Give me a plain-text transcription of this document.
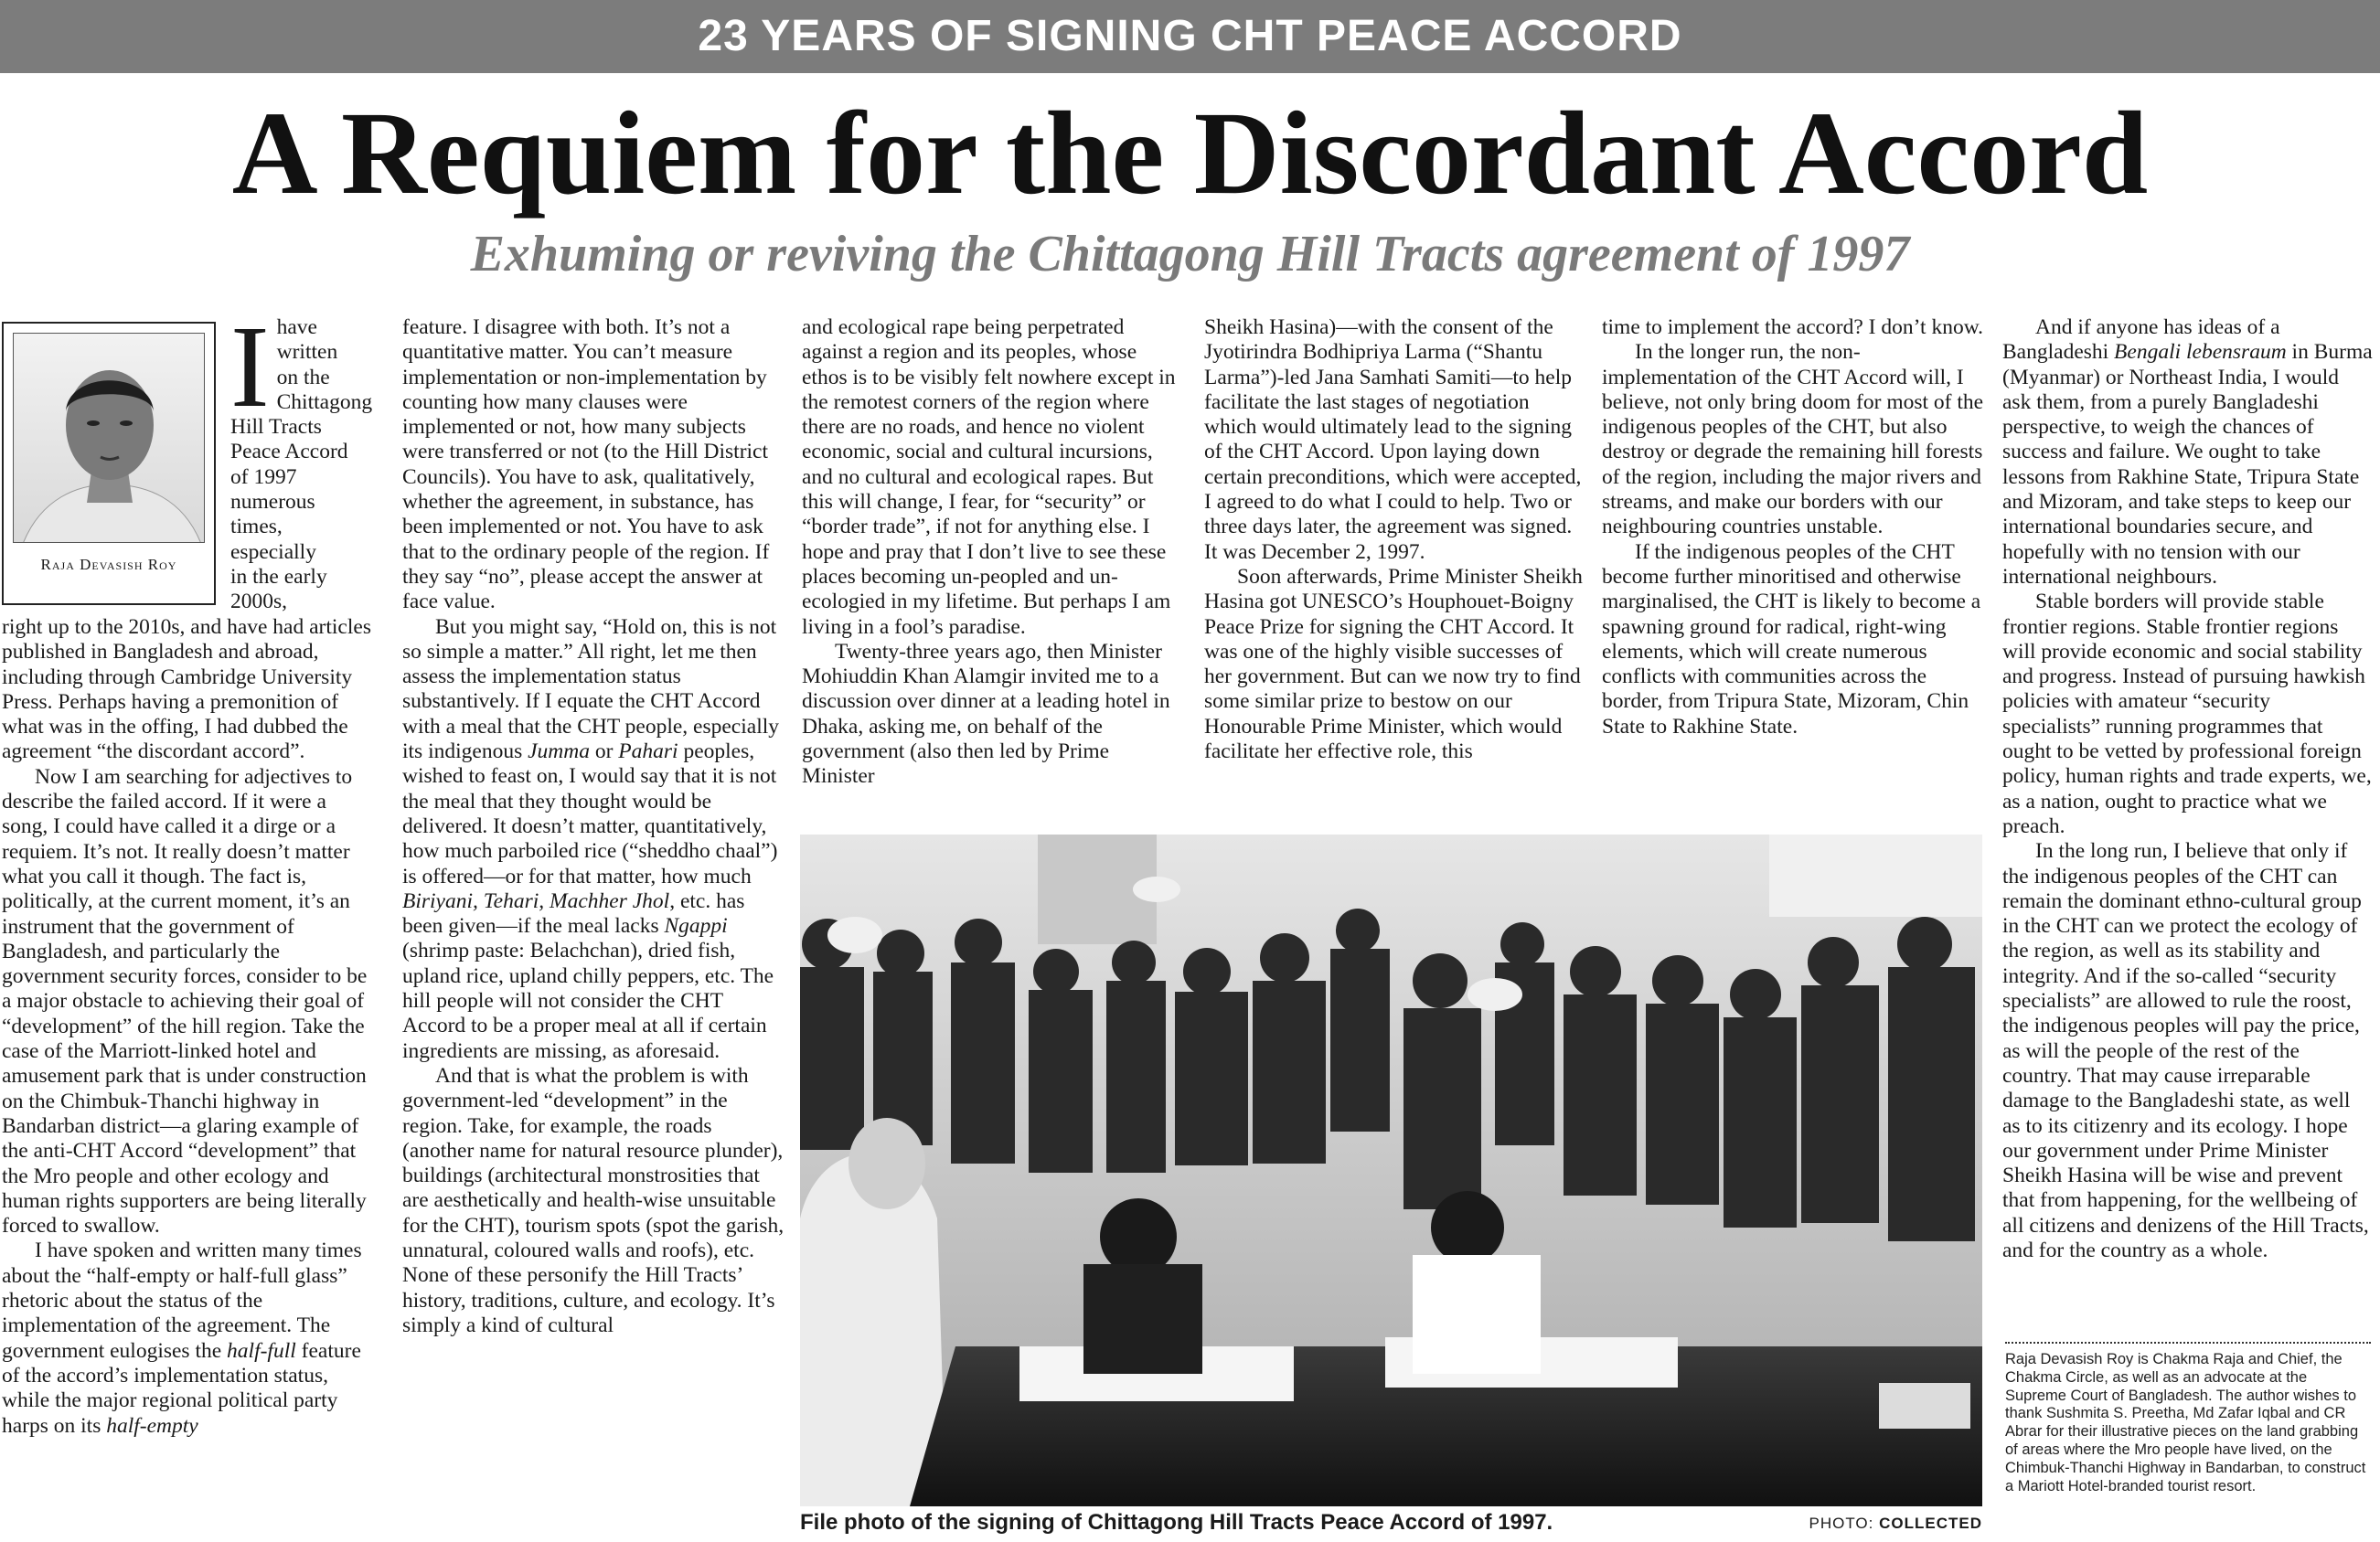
23 YEARS OF SIGNING CHT PEACE ACCORD
A Requiem for the Discordant Accord
Exhuming or reviving the Chittagong Hill Tracts agreement of 1997
Raja Devasish Roy
I have
written
on the
Chittagong
Hill Tracts
Peace Accord
of 1997
numerous
times,
especially
in the early
2000s,

right up to the 2010s, and have had articles published in Bangladesh and abroad, including through Cambridge University Press. Perhaps having a premonition of what was in the offing, I had dubbed the agreement “the discordant accord”.

Now I am searching for adjectives to describe the failed accord. If it were a song, I could have called it a dirge or a requiem. It’s not. It really doesn’t matter what you call it though. The fact is, politically, at the current moment, it’s an instrument that the government of Bangladesh, and particularly the government security forces, consider to be a major obstacle to achieving their goal of “development” of the hill region. Take the case of the Marriott-linked hotel and amusement park that is under construction on the Chimbuk-Thanchi highway in Bandarban district—a glaring example of the anti-CHT Accord “development” that the Mro people and other ecology and human rights supporters are being literally forced to swallow.

I have spoken and written many times about the “half-empty or half-full glass” rhetoric about the status of the implementation of the agreement. The government eulogises the half-full feature of the accord’s implementation status, while the major regional political party harps on its half-empty

feature. I disagree with both. It’s not a quantitative matter. You can’t measure implementation or non-implementation by counting how many clauses were implemented or not, how many subjects were transferred or not (to the Hill District Councils). You have to ask, qualitatively, whether the agreement, in substance, has been implemented or not. You have to ask that to the ordinary people of the region. If they say “no”, please accept the answer at face value.

But you might say, “Hold on, this is not so simple a matter.” All right, let me then assess the implementation status substantively. If I equate the CHT Accord with a meal that the CHT people, especially its indigenous Jumma or Pahari peoples, wished to feast on, I would say that it is not the meal that they thought would be delivered. It doesn’t matter, quantitatively, how much parboiled rice (“sheddho chaal”) is offered—or for that matter, how much Biriyani, Tehari, Machher Jhol, etc. has been given—if the meal lacks Ngappi (shrimp paste: Belachchan), dried fish, upland rice, upland chilly peppers, etc. The hill people will not consider the CHT Accord to be a proper meal at all if certain ingredients are missing, as aforesaid.

And that is what the problem is with government-led “development” in the region. Take, for example, the roads (another name for natural resource plunder), buildings (architectural monstrosities that are aesthetically and health-wise unsuitable for the CHT), tourism spots (spot the garish, unnatural, coloured walls and roofs), etc. None of these personify the Hill Tracts’ history, traditions, culture, and ecology. It’s simply a kind of cultural

and ecological rape being perpetrated against a region and its peoples, whose ethos is to be visibly felt nowhere except in the remotest corners of the region where there are no roads, and hence no violent economic, social and cultural incursions, and no cultural and ecological rapes. But this will change, I fear, for “security” or “border trade”, if not for anything else. I hope and pray that I don’t live to see these places becoming un-peopled and un-ecologied in my lifetime. But perhaps I am living in a fool’s paradise.

Twenty-three years ago, then Minister Mohiuddin Khan Alamgir invited me to a discussion over dinner at a leading hotel in Dhaka, asking me, on behalf of the government (also then led by Prime Minister

Sheikh Hasina)—with the consent of the Jyotirindra Bodhipriya Larma (“Shantu Larma”)-led Jana Samhati Samiti—to help facilitate the last stages of negotiation which would ultimately lead to the signing of the CHT Accord. Upon laying down certain preconditions, which were accepted, I agreed to do what I could to help. Two or three days later, the agreement was signed. It was December 2, 1997.

Soon afterwards, Prime Minister Sheikh Hasina got UNESCO’s Houphouet-Boigny Peace Prize for signing the CHT Accord. It was one of the highly visible successes of her government. But can we now try to find some similar prize to bestow on our Honourable Prime Minister, which would facilitate her effective role, this

time to implement the accord? I don’t know.

In the longer run, the non-implementation of the CHT Accord will, I believe, not only bring doom for most of the indigenous peoples of the CHT, but also destroy or degrade the remaining hill forests of the region, including the major rivers and streams, and make our borders with our neighbouring countries unstable.

If the indigenous peoples of the CHT become further minoritised and otherwise marginalised, the CHT is likely to become a spawning ground for radical, right-wing elements, which will create numerous conflicts with communities across the border, from Tripura State, Mizoram, Chin State to Rakhine State.

And if anyone has ideas of a Bangladeshi Bengali lebensraum in Burma (Myanmar) or Northeast India, I would ask them, from a purely Bangladeshi perspective, to weigh the chances of success and failure. We ought to take lessons from Rakhine State, Tripura State and Mizoram, and take steps to keep our international boundaries secure, and hopefully with no tension with our international neighbours.

Stable borders will provide stable frontier regions. Stable frontier regions will provide economic and social stability and progress. Instead of pursuing hawkish policies with amateur “security specialists” running programmes that ought to be vetted by professional foreign policy, human rights and trade experts, we, as a nation, ought to practice what we preach.

In the long run, I believe that only if the indigenous peoples of the CHT can remain the dominant ethno-cultural group in the CHT can we protect the ecology of the region, as well as its stability and integrity. And if the so-called “security specialists” are allowed to rule the roost, the indigenous peoples will pay the price, as will the people of the rest of the country. That may cause irreparable damage to the Bangladeshi state, as well as to its citizenry and its ecology. I hope our government under Prime Minister Sheikh Hasina will be wise and prevent that from happening, for the wellbeing of all citizens and denizens of the Hill Tracts, and for the country as a whole.

File photo of the signing of Chittagong Hill Tracts Peace Accord of 1997.	PHOTO: COLLECTED
Raja Devasish Roy is Chakma Raja and Chief, the Chakma Circle, as well as an advocate at the Supreme Court of Bangladesh. The author wishes to thank Sushmita S. Preetha, Md Zafar Iqbal and CR Abrar for their illustrative pieces on the land grabbing of areas where the Mro people have lived, on the Chimbuk-Thanchi Highway in Bandarban, to construct a Mariott Hotel-branded tourist resort.
